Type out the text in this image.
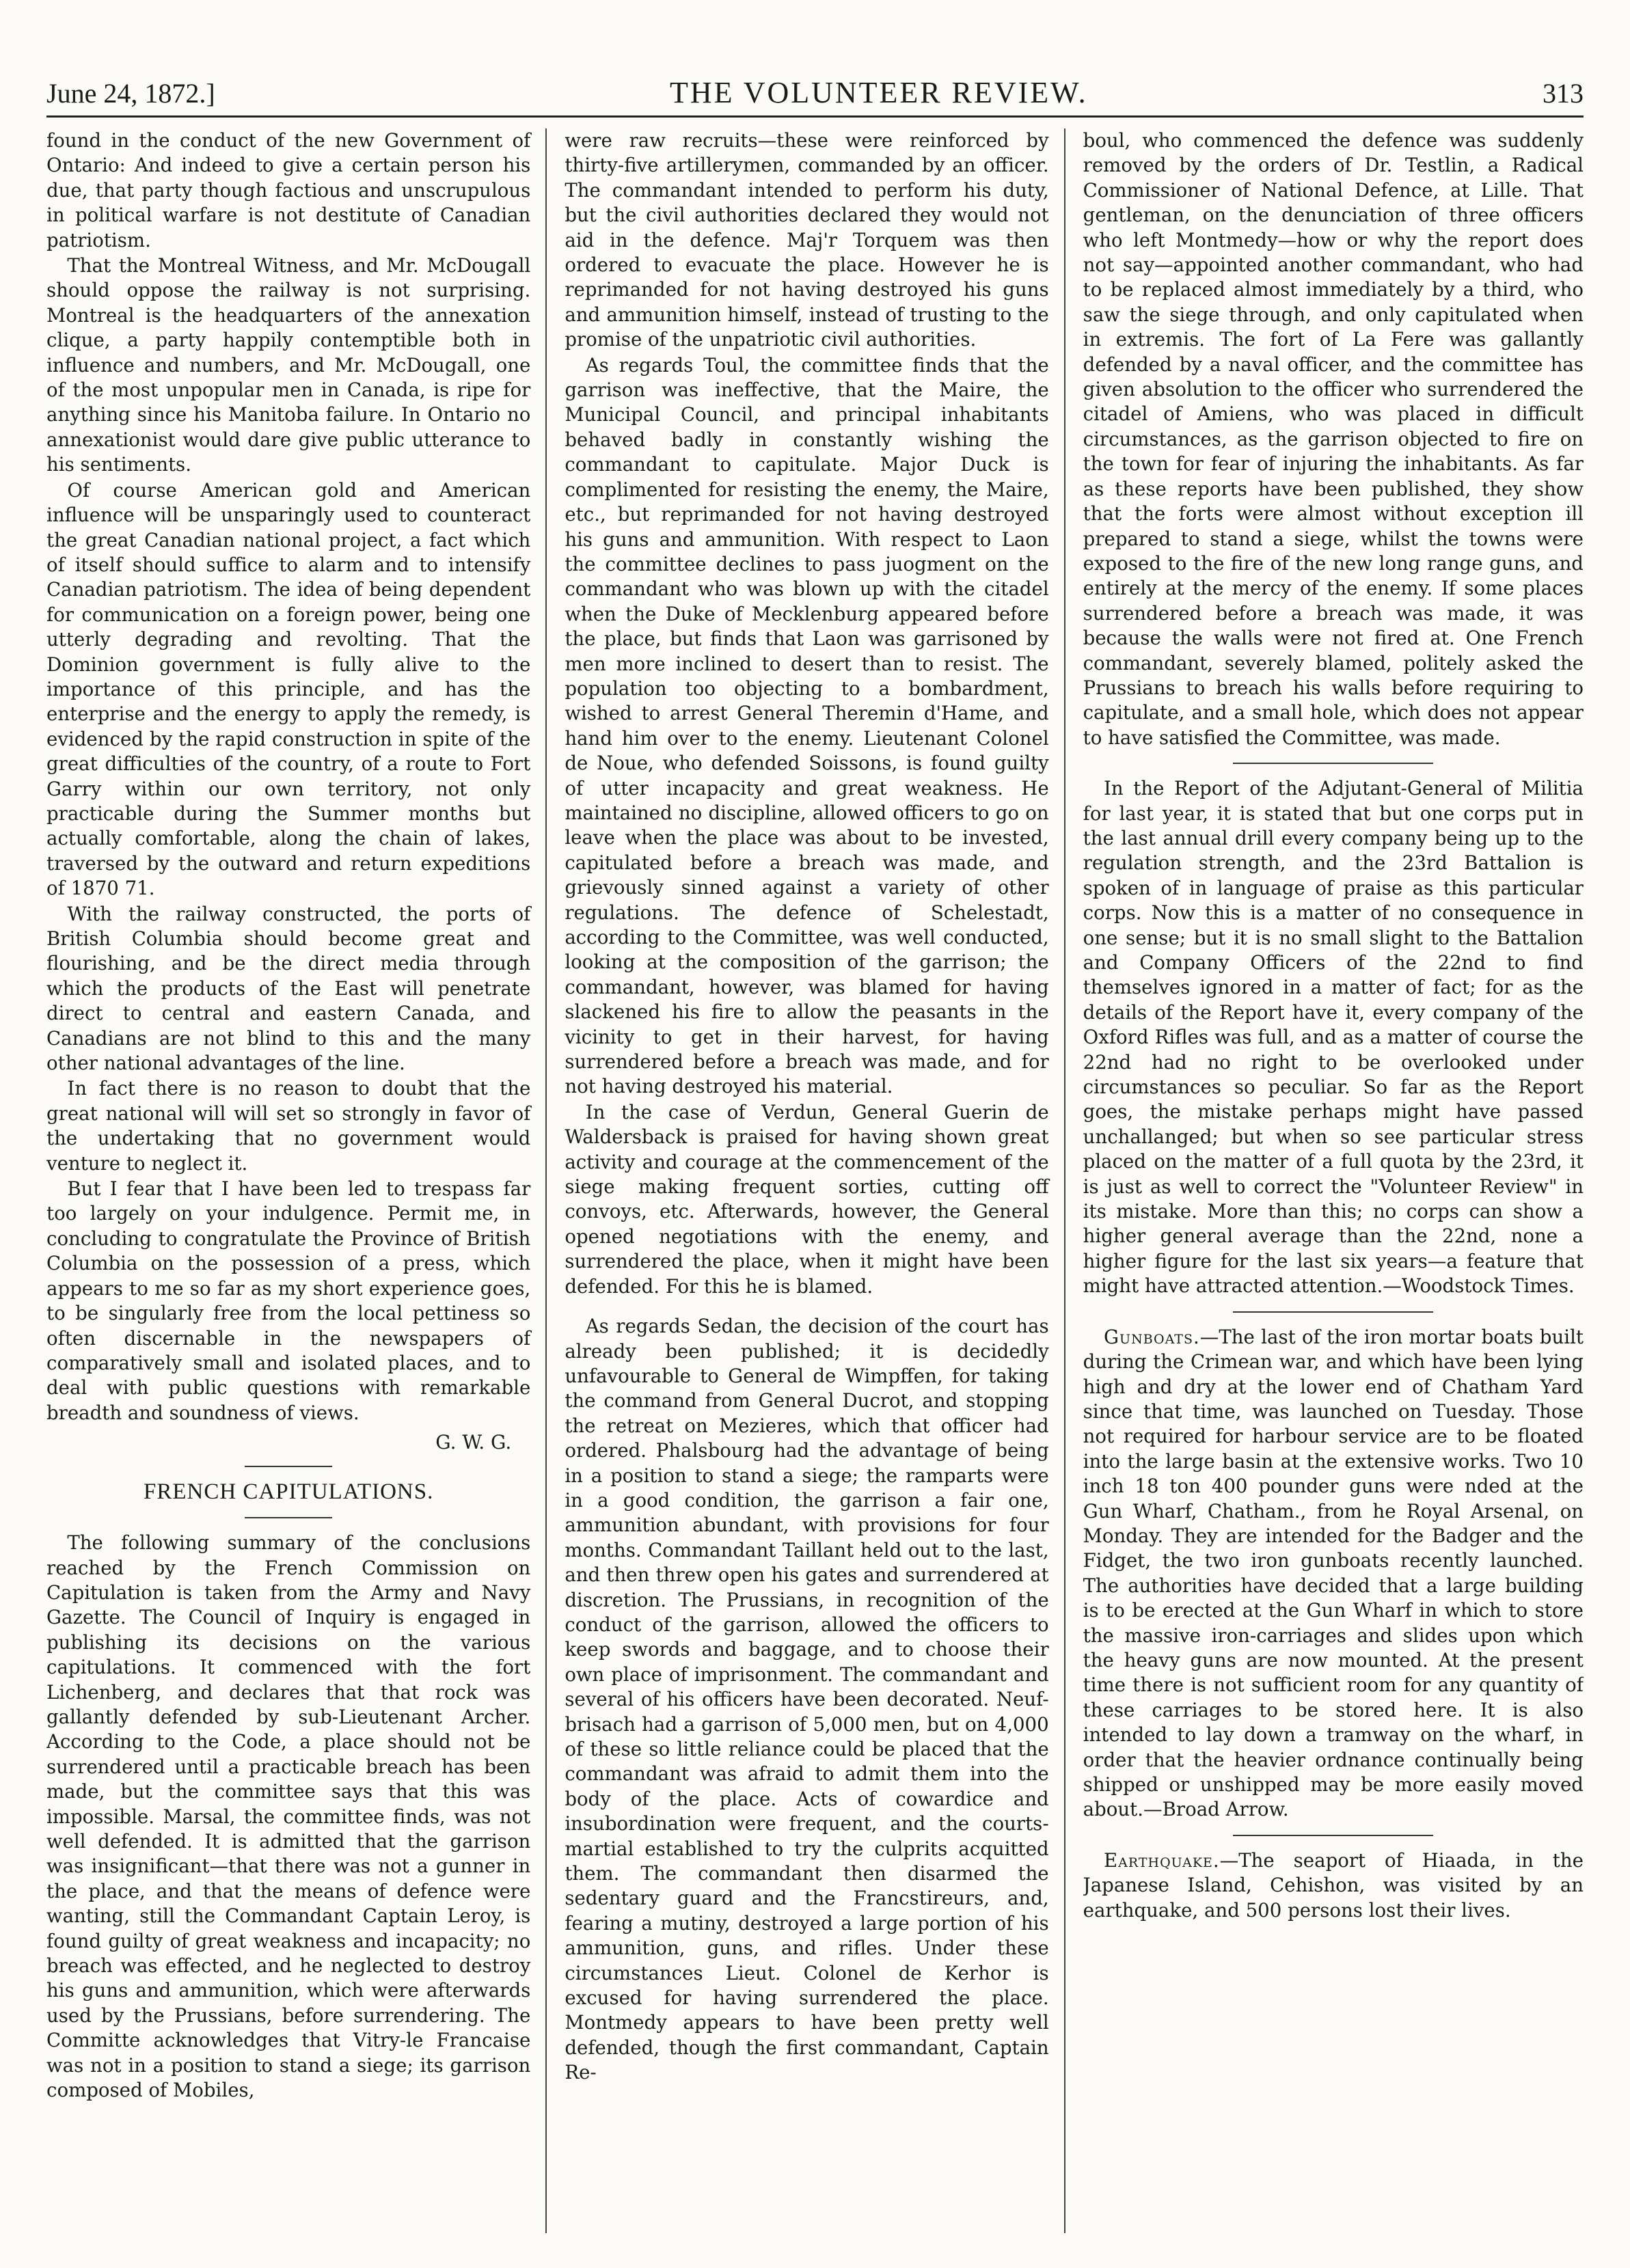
June 24, 1872.]	THE VOLUNTEER REVIEW.	313

found in the conduct of the new Government of Ontario: And indeed to give a certain person his due, that party though factious and unscrupulous in political warfare is not destitute of Canadian patriotism.

That the Montreal Witness, and Mr. McDougall should oppose the railway is not surprising. Montreal is the headquarters of the annexation clique, a party happily contemptible both in influence and numbers, and Mr. McDougall, one of the most unpopular men in Canada, is ripe for anything since his Manitoba failure. In Ontario no annexationist would dare give public utterance to his sentiments.

Of course American gold and American influence will be unsparingly used to counteract the great Canadian national project, a fact which of itself should suffice to alarm and to intensify Canadian patriotism. The idea of being dependent for communication on a foreign power, being one utterly degrading and revolting. That the Dominion government is fully alive to the importance of this principle, and has the enterprise and the energy to apply the remedy, is evidenced by the rapid construction in spite of the great difficulties of the country, of a route to Fort Garry within our own territory, not only practicable during the Summer months but actually comfortable, along the chain of lakes, traversed by the outward and return expeditions of 1870 71.

With the railway constructed, the ports of British Columbia should become great and flourishing, and be the direct media through which the products of the East will penetrate direct to central and eastern Canada, and Canadians are not blind to this and the many other national advantages of the line.

In fact there is no reason to doubt that the great national will will set so strongly in favor of the undertaking that no government would venture to neglect it.

But I fear that I have been led to trespass far too largely on your indulgence. Permit me, in concluding to congratulate the Province of British Columbia on the possession of a press, which appears to me so far as my short experience goes, to be singularly free from the local pettiness so often discernable in the newspapers of comparatively small and isolated places, and to deal with public questions with remarkable breadth and soundness of views.

G. W. G.
FRENCH CAPITULATIONS.

The following summary of the conclusions reached by the French Commission on Capitulation is taken from the Army and Navy Gazette. The Council of Inquiry is engaged in publishing its decisions on the various capitulations. It commenced with the fort Lichenberg, and declares that that rock was gallantly defended by sub-Lieutenant Archer. According to the Code, a place should not be surrendered until a practicable breach has been made, but the committee says that this was impossible. Marsal, the committee finds, was not well defended. It is admitted that the garrison was insignificant—that there was not a gunner in the place, and that the means of defence were wanting, still the Commandant Captain Leroy, is found guilty of great weakness and incapacity; no breach was effected, and he neglected to destroy his guns and ammunition, which were afterwards used by the Prussians, before surrendering. The Committe acknowledges that Vitry-le Francaise was not in a position to stand a siege; its garrison composed of Mobiles,

were raw recruits—these were reinforced by thirty-five artillerymen, commanded by an officer. The commandant intended to perform his duty, but the civil authorities declared they would not aid in the defence. Maj'r Torquem was then ordered to evacuate the place. However he is reprimanded for not having destroyed his guns and ammunition himself, instead of trusting to the promise of the unpatriotic civil authorities.

As regards Toul, the committee finds that the garrison was ineffective, that the Maire, the Municipal Council, and principal inhabitants behaved badly in constantly wishing the commandant to capitulate. Major Duck is complimented for resisting the enemy, the Maire, etc., but reprimanded for not having destroyed his guns and ammunition. With respect to Laon the committee declines to pass juogment on the commandant who was blown up with the citadel when the Duke of Mecklenburg appeared before the place, but finds that Laon was garrisoned by men more inclined to desert than to resist. The population too objecting to a bombardment, wished to arrest General Theremin d'Hame, and hand him over to the enemy. Lieutenant Colonel de Noue, who defended Soissons, is found guilty of utter incapacity and great weakness. He maintained no discipline, allowed officers to go on leave when the place was about to be invested, capitulated before a breach was made, and grievously sinned against a variety of other regulations. The defence of Schelestadt, according to the Committee, was well conducted, looking at the composition of the garrison; the commandant, however, was blamed for having slackened his fire to allow the peasants in the vicinity to get in their harvest, for having surrendered before a breach was made, and for not having destroyed his material.

In the case of Verdun, General Guerin de Waldersback is praised for having shown great activity and courage at the commencement of the siege making frequent sorties, cutting off convoys, etc. Afterwards, however, the General opened negotiations with the enemy, and surrendered the place, when it might have been defended. For this he is blamed.

As regards Sedan, the decision of the court has already been published; it is decidedly unfavourable to General de Wimpffen, for taking the command from General Ducrot, and stopping the retreat on Mezieres, which that officer had ordered. Phalsbourg had the advantage of being in a position to stand a siege; the ramparts were in a good condition, the garrison a fair one, ammunition abundant, with provisions for four months. Commandant Taillant held out to the last, and then threw open his gates and surrendered at discretion. The Prussians, in recognition of the conduct of the garrison, allowed the officers to keep swords and baggage, and to choose their own place of imprisonment. The commandant and several of his officers have been decorated. Neuf-brisach had a garrison of 5,000 men, but on 4,000 of these so little reliance could be placed that the commandant was afraid to admit them into the body of the place. Acts of cowardice and insubordination were frequent, and the courts-martial established to try the culprits acquitted them. The commandant then disarmed the sedentary guard and the Francstireurs, and, fearing a mutiny, destroyed a large portion of his ammunition, guns, and rifles. Under these circumstances Lieut. Colonel de Kerhor is excused for having surrendered the place. Montmedy appears to have been pretty well defended, though the first commandant, Captain Re-

boul, who commenced the defence was suddenly removed by the orders of Dr. Testlin, a Radical Commissioner of National Defence, at Lille. That gentleman, on the denunciation of three officers who left Montmedy—how or why the report does not say—appointed another commandant, who had to be replaced almost immediately by a third, who saw the siege through, and only capitulated when in extremis. The fort of La Fere was gallantly defended by a naval officer, and the committee has given absolution to the officer who surrendered the citadel of Amiens, who was placed in difficult circumstances, as the garrison objected to fire on the town for fear of injuring the inhabitants. As far as these reports have been published, they show that the forts were almost without exception ill prepared to stand a siege, whilst the towns were exposed to the fire of the new long range guns, and entirely at the mercy of the enemy. If some places surrendered before a breach was made, it was because the walls were not fired at. One French commandant, severely blamed, politely asked the Prussians to breach his walls before requiring to capitulate, and a small hole, which does not appear to have satisfied the Committee, was made.

In the Report of the Adjutant-General of Militia for last year, it is stated that but one corps put in the last annual drill every company being up to the regulation strength, and the 23rd Battalion is spoken of in language of praise as this particular corps. Now this is a matter of no consequence in one sense; but it is no small slight to the Battalion and Company Officers of the 22nd to find themselves ignored in a matter of fact; for as the details of the Report have it, every company of the Oxford Rifles was full, and as a matter of course the 22nd had no right to be overlooked under circumstances so peculiar. So far as the Report goes, the mistake perhaps might have passed unchallanged; but when so see particular stress placed on the matter of a full quota by the 23rd, it is just as well to correct the "Volunteer Review" in its mistake. More than this; no corps can show a higher general average than the 22nd, none a higher figure for the last six years—a feature that might have attracted attention.—Woodstock Times.

Gunboats.—The last of the iron mortar boats built during the Crimean war, and which have been lying high and dry at the lower end of Chatham Yard since that time, was launched on Tuesday. Those not required for harbour service are to be floated into the large basin at the extensive works. Two 10 inch 18 ton 400 pounder guns were nded at the Gun Wharf, Chatham., from he Royal Arsenal, on Monday. They are intended for the Badger and the Fidget, the two iron gunboats recently launched. The authorities have decided that a large building is to be erected at the Gun Wharf in which to store the massive iron-carriages and slides upon which the heavy guns are now mounted. At the present time there is not sufficient room for any quantity of these carriages to be stored here. It is also intended to lay down a tramway on the wharf, in order that the heavier ordnance continually being shipped or unshipped may be more easily moved about.—Broad Arrow.

Earthquake.—The seaport of Hiaada, in the Japanese Island, Cehishon, was visited by an earthquake, and 500 persons lost their lives.
